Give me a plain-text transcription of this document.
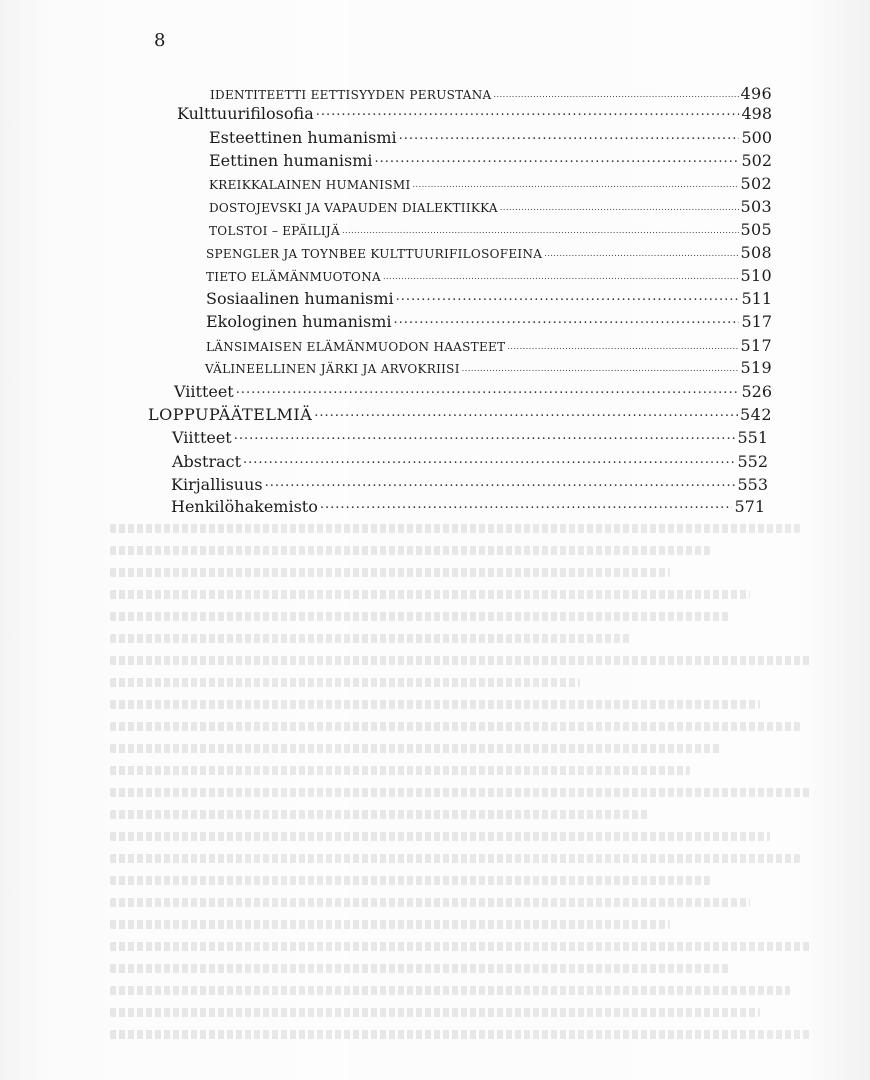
8
IDENTITEETTI EETTISYYDEN PERUSTANA .....	496
Kulttuurifilosofia .....	498
Esteettinen humanismi .....	500
Eettinen humanismi .....	502
KREIKKALAINEN HUMANISMI .....	502
DOSTOJEVSKI JA VAPAUDEN DIALEKTIIKKA .....	503
TOLSTOI – EPÄILIJÄ .....	505
SPENGLER JA TOYNBEE KULTTUURIFILOSOFEINA .....	508
TIETO ELÄMÄNMUOTONA .....	510
Sosiaalinen humanismi .....	511
Ekologinen humanismi .....	517
LÄNSIMAISEN ELÄMÄNMUODON HAASTEET .....	517
VÄLINEELLINEN JÄRKI JA ARVOKRIISI .....	519
Viitteet .....	526
LOPPUPÄÄTELMIÄ .....	542
Viitteet .....	551
Abstract .....	552
Kirjallisuus .....	553
Henkilöhakemisto .....	571
